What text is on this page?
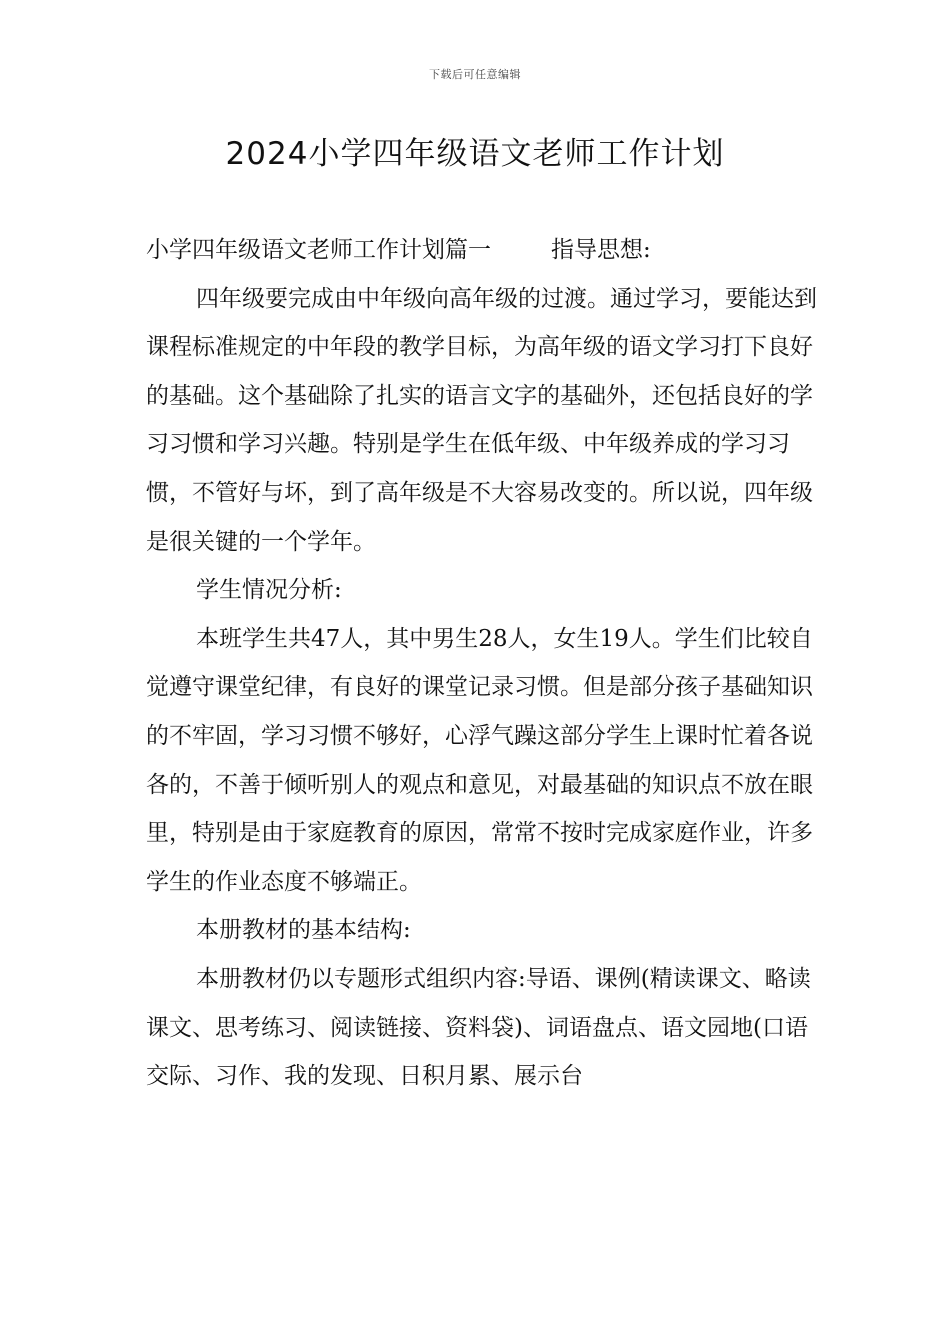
下载后可任意编辑
2024小学四年级语文老师工作计划

小学四年级语文老师工作计划篇一	指导思想:

四年级要完成由中年级向高年级的过渡。通过学习，要能达到课程标准规定的中年段的教学目标，为高年级的语文学习打下良好的基础。这个基础除了扎实的语言文字的基础外，还包括良好的学习习惯和学习兴趣。特别是学生在低年级、中年级养成的学习习惯，不管好与坏，到了高年级是不大容易改变的。所以说，四年级是很关键的一个学年。

学生情况分析:

本班学生共47人，其中男生28人，女生19人。学生们比较自觉遵守课堂纪律，有良好的课堂记录习惯。但是部分孩子基础知识的不牢固，学习习惯不够好，心浮气躁这部分学生上课时忙着各说各的，不善于倾听别人的观点和意见，对最基础的知识点不放在眼里，特别是由于家庭教育的原因，常常不按时完成家庭作业，许多学生的作业态度不够端正。

本册教材的基本结构:

本册教材仍以专题形式组织内容:导语、课例(精读课文、略读课文、思考练习、阅读链接、资料袋)、词语盘点、语文园地(口语交际、习作、我的发现、日积月累、展示台
